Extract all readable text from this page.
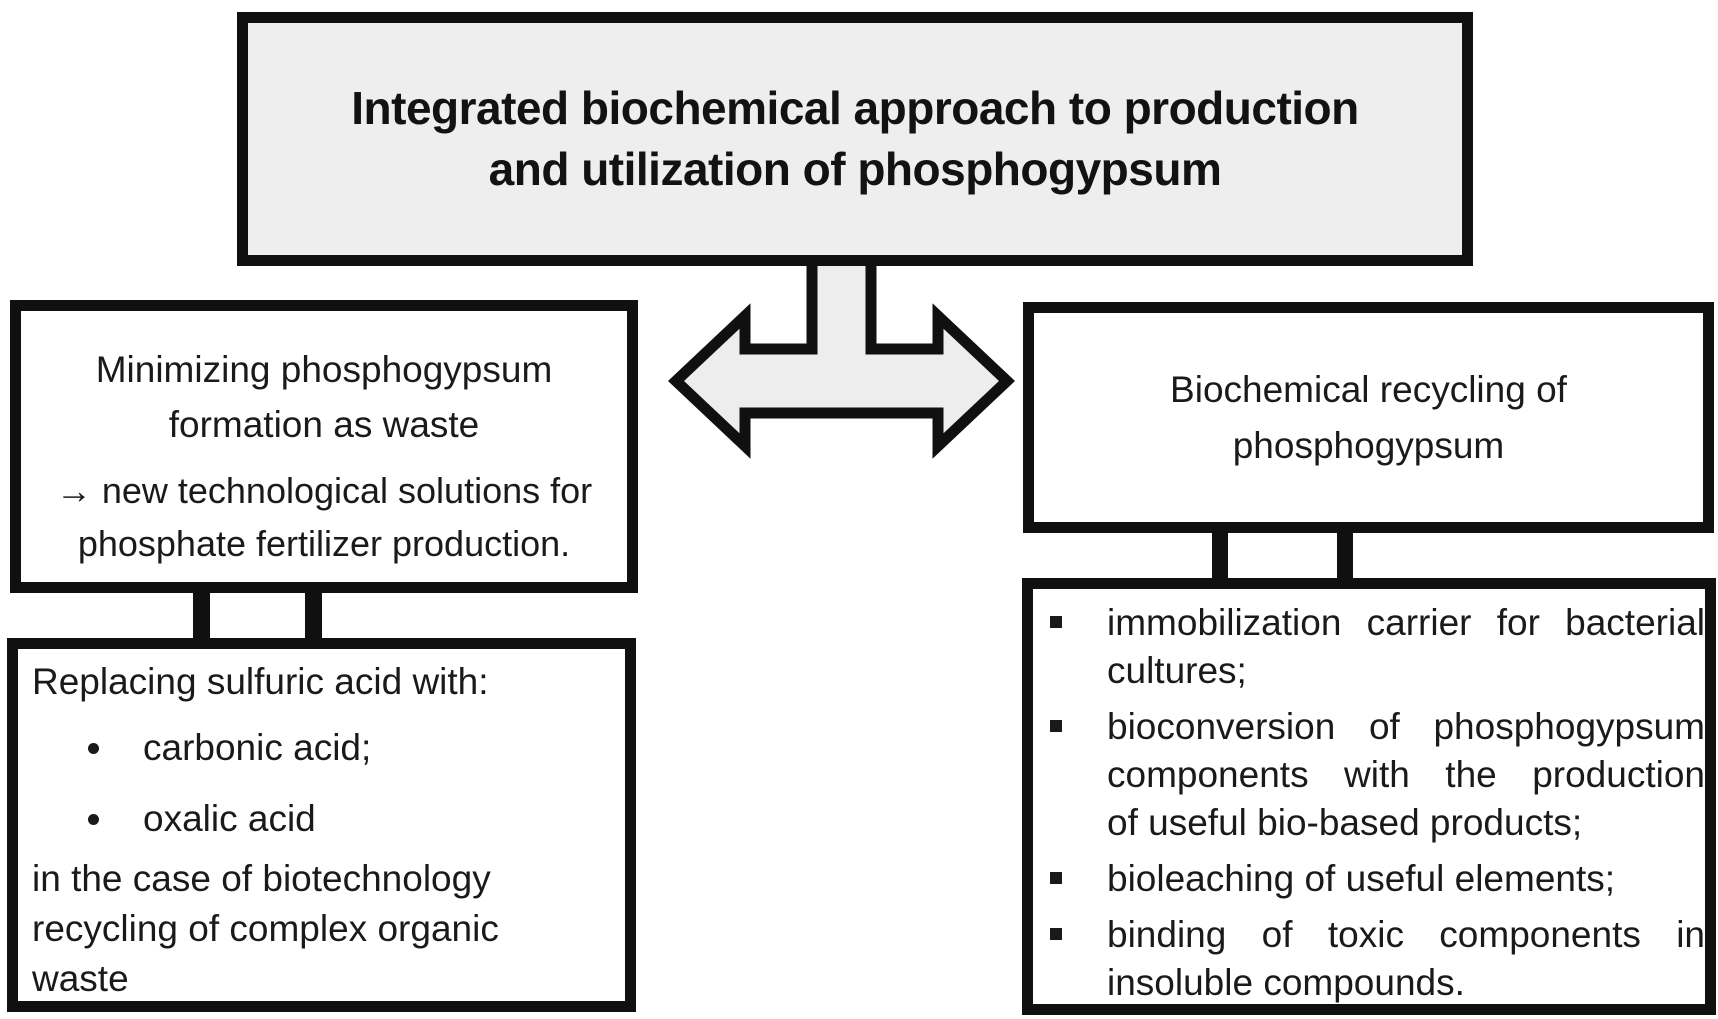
Integrated biochemical approach to production
and utilization of phosphogypsum
Minimizing phosphogypsum formation as waste
→ new technological solutions for phosphate fertilizer production.
Biochemical recycling of phosphogypsum
Replacing sulfuric acid with:
carbonic acid;
oxalic acid
in the case of biotechnology recycling of complex organic waste
immobilization carrier for bacterial
cultures;
bioconversion of phosphogypsum
components with the production
of useful bio-based products;
bioleaching of useful elements;
binding of toxic components in
insoluble compounds.
